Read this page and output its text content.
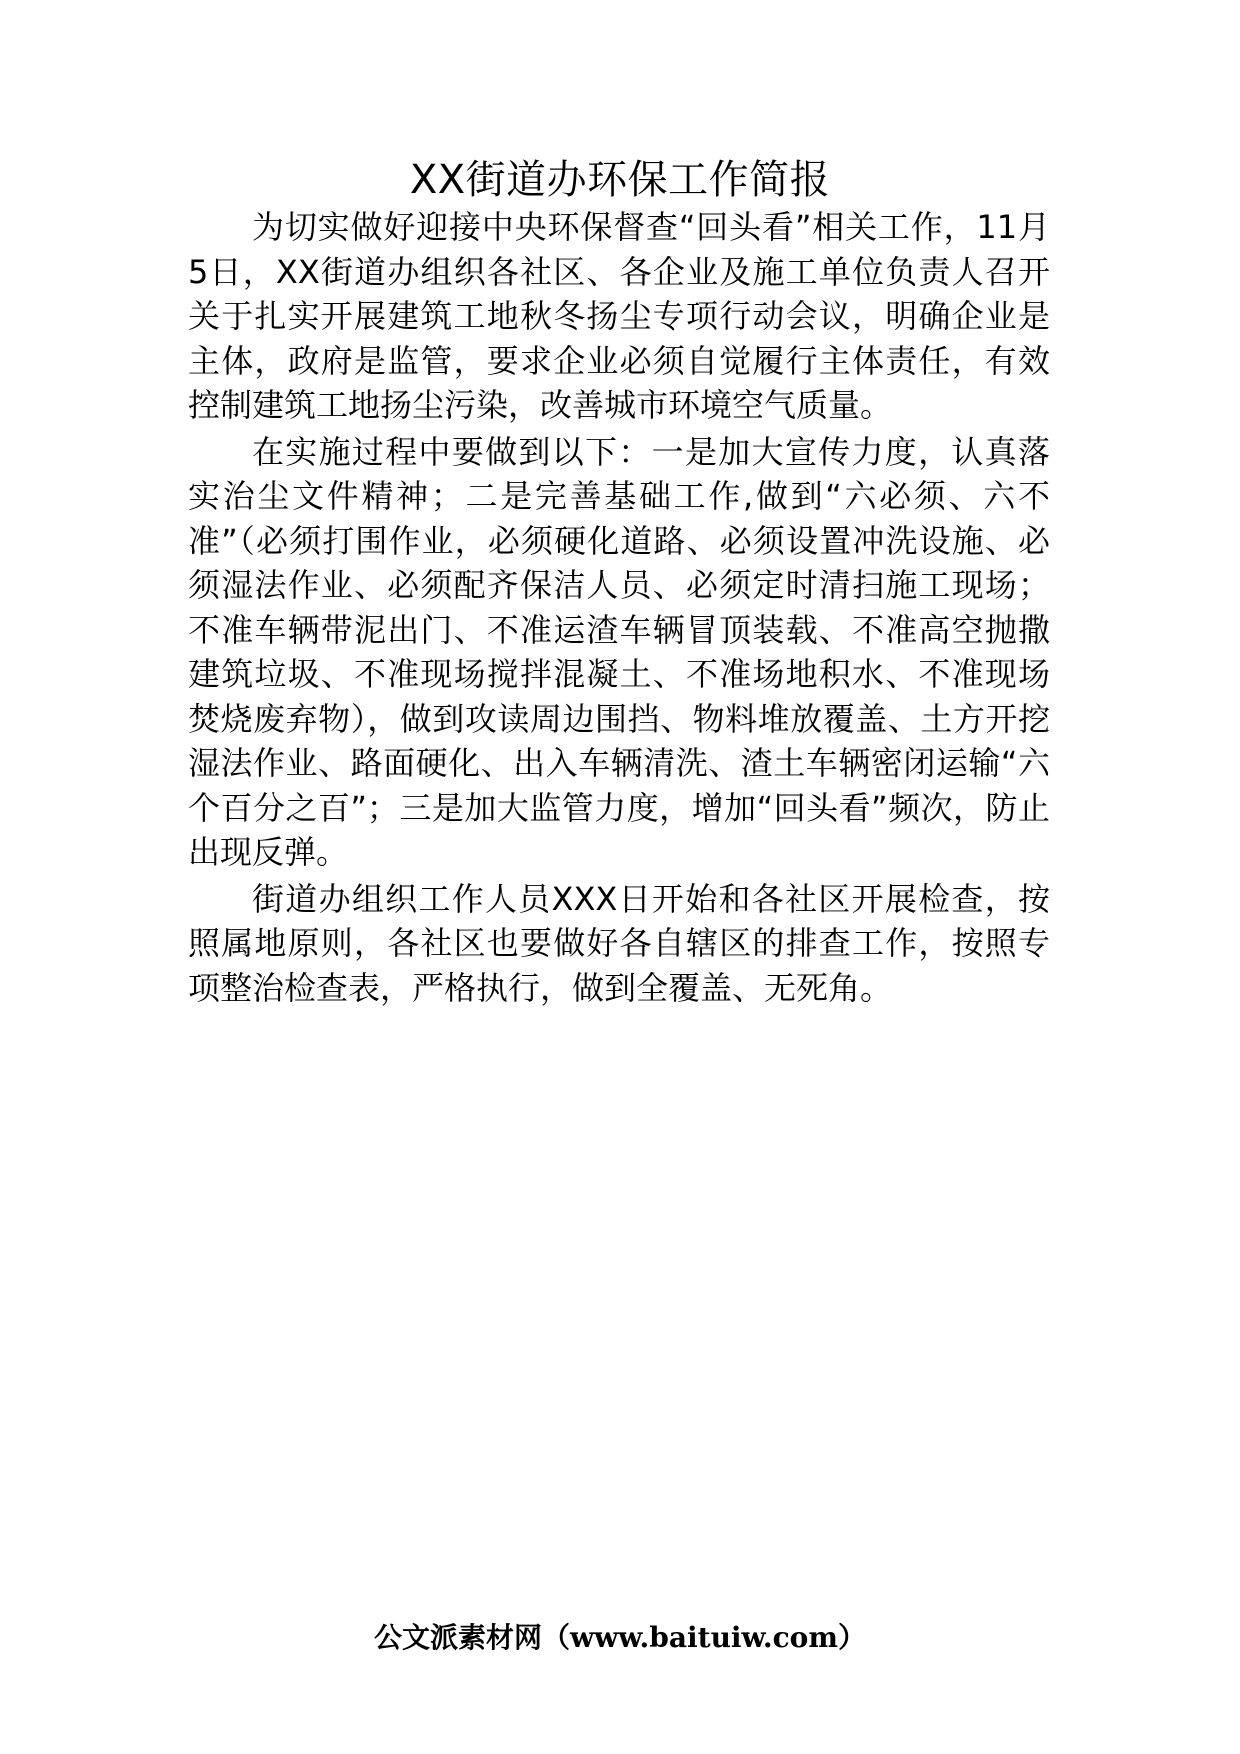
XX街道办环保工作简报

为切实做好迎接中央环保督查“回头看”相关工作，11月5日，XX街道办组织各社区、各企业及施工单位负责人召开关于扎实开展建筑工地秋冬扬尘专项行动会议，明确企业是主体，政府是监管，要求企业必须自觉履行主体责任，有效控制建筑工地扬尘污染，改善城市环境空气质量。

在实施过程中要做到以下：一是加大宣传力度，认真落实治尘文件精神；二是完善基础工作,做到“六必须、六不准”（必须打围作业，必须硬化道路、必须设置冲洗设施、必须湿法作业、必须配齐保洁人员、必须定时清扫施工现场；不准车辆带泥出门、不准运渣车辆冒顶装载、不准高空抛撒建筑垃圾、不准现场搅拌混凝土、不准场地积水、不准现场焚烧废弃物），做到攻读周边围挡、物料堆放覆盖、土方开挖湿法作业、路面硬化、出入车辆清洗、渣土车辆密闭运输“六个百分之百”；三是加大监管力度，增加“回头看”频次，防止出现反弹。

街道办组织工作人员XXX日开始和各社区开展检查，按照属地原则，各社区也要做好各自辖区的排查工作，按照专项整治检查表，严格执行，做到全覆盖、无死角。

公文派素材网（www.baituiw.com）
